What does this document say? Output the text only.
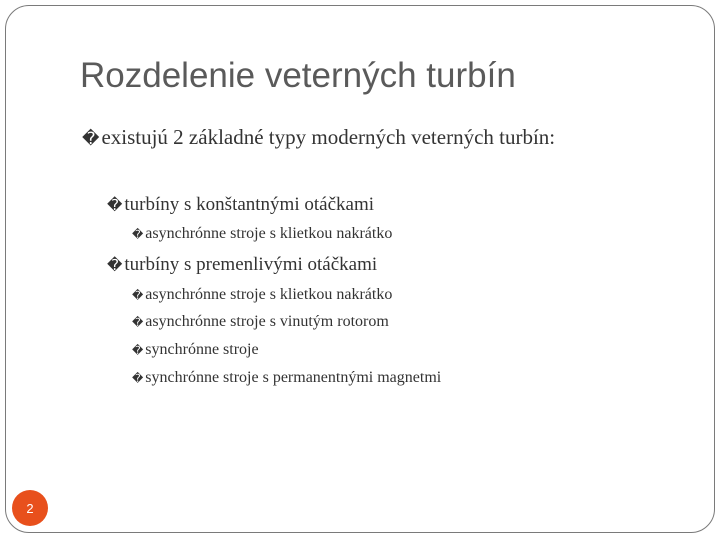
Rozdelenie veterných turbín
� existujú 2 základné typy moderných veterných turbín:
� turbíny s konštantnými otáčkami
� asynchrónne stroje s klietkou nakrátko
� turbíny s premenlivými otáčkami
� asynchrónne stroje s klietkou nakrátko
� asynchrónne stroje s vinutým rotorom
� synchrónne stroje
� synchrónne stroje s permanentnými magnetmi
2
